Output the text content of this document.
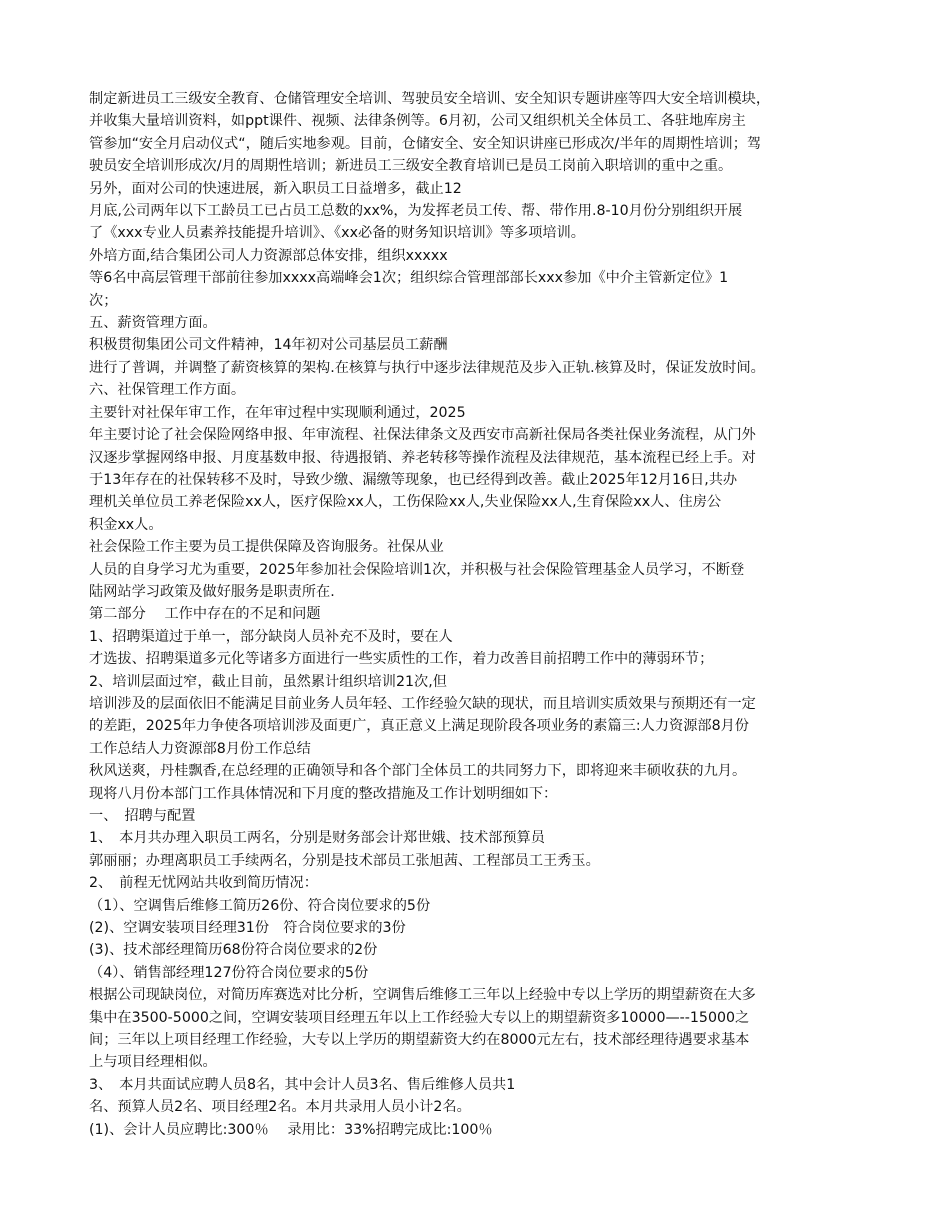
制定新进员工三级安全教育、仓储管理安全培训、驾驶员安全培训、安全知识专题讲座等四大安全培训模块，

并收集大量培训资料，如ppt课件、视频、法律条例等。6月初，公司又组织机关全体员工、各驻地库房主

管参加“安全月启动仪式“，随后实地参观。目前，仓储安全、安全知识讲座已形成次/半年的周期性培训；驾

驶员安全培训形成次/月的周期性培训；新进员工三级安全教育培训已是员工岗前入职培训的重中之重。

另外，面对公司的快速进展，新入职员工日益增多，截止12

月底,公司两年以下工龄员工已占员工总数的xx%，为发挥老员工传、帮、带作用.8-10月份分别组织开展

了《xxx专业人员素养技能提升培训》、《xx必备的财务知识培训》等多项培训。

外培方面,结合集团公司人力资源部总体安排，组织xxxxx

等6名中高层管理干部前往参加xxxx高端峰会1次；组织综合管理部部长xxx参加《中介主管新定位》1

次；

五、薪资管理方面。

积极贯彻集团公司文件精神，14年初对公司基层员工薪酬

进行了普调，并调整了薪资核算的架构.在核算与执行中逐步法律规范及步入正轨.核算及时，保证发放时间。

六、社保管理工作方面。

主要针对社保年审工作，在年审过程中实现顺利通过，2025

年主要讨论了社会保险网络申报、年审流程、社保法律条文及西安市高新社保局各类社保业务流程，从门外

汉逐步掌握网络申报、月度基数申报、待遇报销、养老转移等操作流程及法律规范，基本流程已经上手。对

于13年存在的社保转移不及时，导致少缴、漏缴等现象，也已经得到改善。截止2025年12月16日,共办

理机关单位员工养老保险xx人，医疗保险xx人，工伤保险xx人,失业保险xx人,生育保险xx人、住房公

积金xx人。

社会保险工作主要为员工提供保障及咨询服务。社保从业

人员的自身学习尤为重要，2025年参加社会保险培训1次，并积极与社会保险管理基金人员学习，不断登

陆网站学习政策及做好服务是职责所在.

第二部分　 工作中存在的不足和问题

1、招聘渠道过于单一，部分缺岗人员补充不及时，要在人

才选拔、招聘渠道多元化等诸多方面进行一些实质性的工作，着力改善目前招聘工作中的薄弱环节；

2、培训层面过窄，截止目前，虽然累计组织培训21次,但

培训涉及的层面依旧不能满足目前业务人员年轻、工作经验欠缺的现状，而且培训实质效果与预期还有一定

的差距，2025年力争使各项培训涉及面更广，真正意义上满足现阶段各项业务的素篇三:人力资源部8月份

工作总结人力资源部8月份工作总结

秋风送爽，丹桂飘香,在总经理的正确领导和各个部门全体员工的共同努力下，即将迎来丰硕收获的九月。

现将八月份本部门工作具体情况和下月度的整改措施及工作计划明细如下：

一、　招聘与配置

1、　本月共办理入职员工两名，分别是财务部会计郑世娥、技术部预算员

郭丽丽；办理离职员工手续两名，分别是技术部员工张旭茜、工程部员工王秀玉。

2、　前程无忧网站共收到简历情况：

（1）、空调售后维修工简历26份、符合岗位要求的5份

(2)、空调安装项目经理31份　符合岗位要求的3份

(3)、技术部经理简历68份符合岗位要求的2份

（4）、销售部经理127份符合岗位要求的5份

根据公司现缺岗位，对简历库赛选对比分析，空调售后维修工三年以上经验中专以上学历的期望薪资在大多

集中在3500-5000之间，空调安装项目经理五年以上工作经验大专以上的期望薪资多10000—--15000之

间；三年以上项目经理工作经验，大专以上学历的期望薪资大约在8000元左右，技术部经理待遇要求基本

上与项目经理相似。

3、　本月共面试应聘人员8名，其中会计人员3名、售后维修人员共1

名、预算人员2名、项目经理2名。本月共录用人员小计2名。

(1)、会计人员应聘比:300％　 录用比：33%招聘完成比:100％
